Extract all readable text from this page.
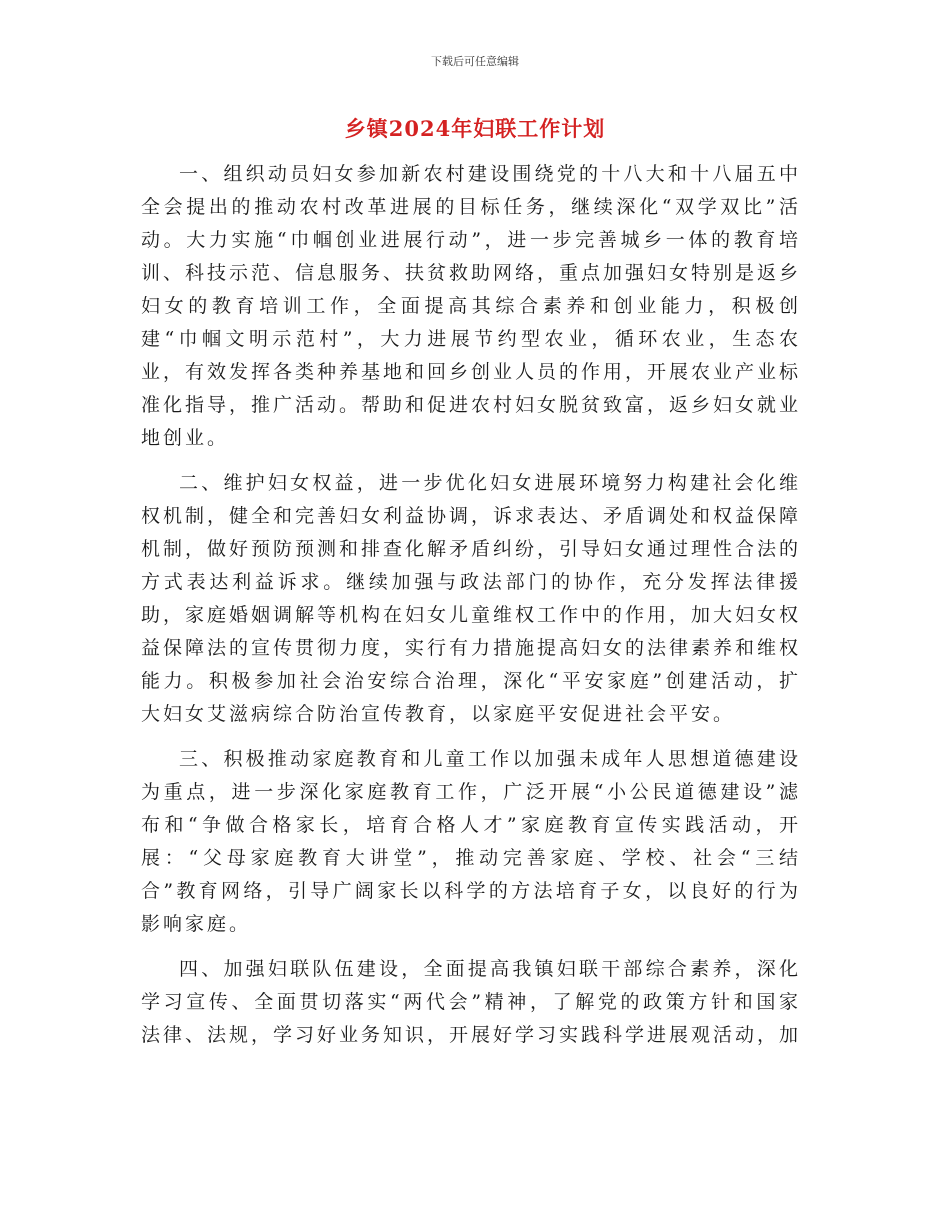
下载后可任意编辑
乡镇2024年妇联工作计划

一、组织动员妇女参加新农村建设围绕党的十八大和十八届五中全会提出的推动农村改革进展的目标任务，继续深化“双学双比”活动。大力实施“巾帼创业进展行动”，进一步完善城乡一体的教育培训、科技示范、信息服务、扶贫救助网络，重点加强妇女特别是返乡妇女的教育培训工作，全面提高其综合素养和创业能力，积极创建“巾帼文明示范村”，大力进展节约型农业，循环农业，生态农业，有效发挥各类种养基地和回乡创业人员的作用，开展农业产业标准化指导，推广活动。帮助和促进农村妇女脱贫致富，返乡妇女就业地创业。

二、维护妇女权益，进一步优化妇女进展环境努力构建社会化维权机制，健全和完善妇女利益协调，诉求表达、矛盾调处和权益保障机制，做好预防预测和排查化解矛盾纠纷，引导妇女通过理性合法的方式表达利益诉求。继续加强与政法部门的协作，充分发挥法律援助，家庭婚姻调解等机构在妇女儿童维权工作中的作用，加大妇女权益保障法的宣传贯彻力度，实行有力措施提高妇女的法律素养和维权能力。积极参加社会治安综合治理，深化“平安家庭”创建活动，扩大妇女艾滋病综合防治宣传教育，以家庭平安促进社会平安。

三、积极推动家庭教育和儿童工作以加强未成年人思想道德建设为重点，进一步深化家庭教育工作，广泛开展“小公民道德建设”滤布和“争做合格家长，培育合格人才”家庭教育宣传实践活动，开展：“父母家庭教育大讲堂”，推动完善家庭、学校、社会“三结合”教育网络，引导广阔家长以科学的方法培育子女，以良好的行为影响家庭。

四、加强妇联队伍建设，全面提高我镇妇联干部综合素养，深化学习宣传、全面贯切落实“两代会”精神，了解党的政策方针和国家法律、法规，学习好业务知识，开展好学习实践科学进展观活动，加
